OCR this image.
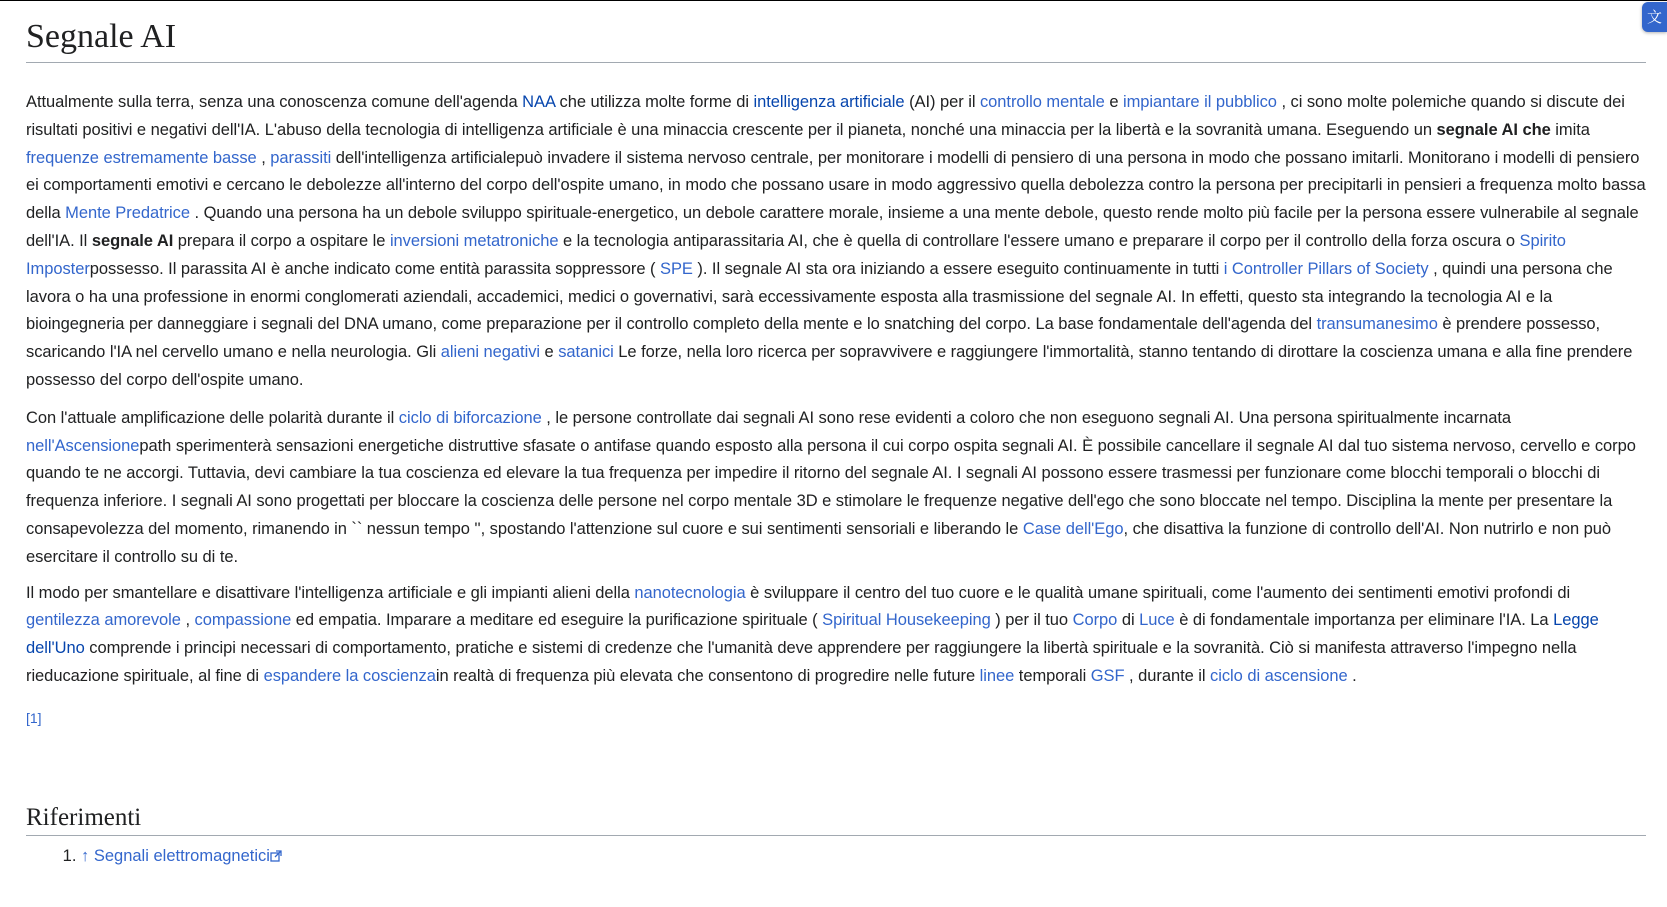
文A
Segnale AI

Attualmente sulla terra, senza una conoscenza comune dell'agenda NAA che utilizza molte forme di intelligenza artificiale (AI) per il controllo mentale e impiantare il pubblico , ci sono molte polemiche quando si discute dei risultati positivi e negativi dell'IA. L'abuso della tecnologia di intelligenza artificiale è una minaccia crescente per il pianeta, nonché una minaccia per la libertà e la sovranità umana. Eseguendo un segnale AI che imita frequenze estremamente basse , parassiti dell'intelligenza artificialepuò invadere il sistema nervoso centrale, per monitorare i modelli di pensiero di una persona in modo che possano imitarli. Monitorano i modelli di pensiero ei comportamenti emotivi e cercano le debolezze all'interno del corpo dell'ospite umano, in modo che possano usare in modo aggressivo quella debolezza contro la persona per precipitarli in pensieri a frequenza molto bassa della Mente Predatrice . Quando una persona ha un debole sviluppo spirituale-energetico, un debole carattere morale, insieme a una mente debole, questo rende molto più facile per la persona essere vulnerabile al segnale dell'IA. Il segnale AI prepara il corpo a ospitare le inversioni metatroniche e la tecnologia antiparassitaria AI, che è quella di controllare l'essere umano e preparare il corpo per il controllo della forza oscura o Spirito Imposterpossesso. Il parassita AI è anche indicato come entità parassita soppressore ( SPE ). Il segnale AI sta ora iniziando a essere eseguito continuamente in tutti i Controller Pillars of Society , quindi una persona che lavora o ha una professione in enormi conglomerati aziendali, accademici, medici o governativi, sarà eccessivamente esposta alla trasmissione del segnale AI. In effetti, questo sta integrando la tecnologia AI e la bioingegneria per danneggiare i segnali del DNA umano, come preparazione per il controllo completo della mente e lo snatching del corpo. La base fondamentale dell'agenda del transumanesimo è prendere possesso, scaricando l'IA nel cervello umano e nella neurologia. Gli alieni negativi e satanici Le forze, nella loro ricerca per sopravvivere e raggiungere l'immortalità, stanno tentando di dirottare la coscienza umana e alla fine prendere possesso del corpo dell'ospite umano.

Con l'attuale amplificazione delle polarità durante il ciclo di biforcazione , le persone controllate dai segnali AI sono rese evidenti a coloro che non eseguono segnali AI. Una persona spiritualmente incarnata nell'Ascensionepath sperimenterà sensazioni energetiche distruttive sfasate o antifase quando esposto alla persona il cui corpo ospita segnali AI. È possibile cancellare il segnale AI dal tuo sistema nervoso, cervello e corpo quando te ne accorgi. Tuttavia, devi cambiare la tua coscienza ed elevare la tua frequenza per impedire il ritorno del segnale AI. I segnali AI possono essere trasmessi per funzionare come blocchi temporali o blocchi di frequenza inferiore. I segnali AI sono progettati per bloccare la coscienza delle persone nel corpo mentale 3D e stimolare le frequenze negative dell'ego che sono bloccate nel tempo. Disciplina la mente per presentare la consapevolezza del momento, rimanendo in `` nessun tempo '', spostando l'attenzione sul cuore e sui sentimenti sensoriali e liberando le Case dell'Ego, che disattiva la funzione di controllo dell'AI. Non nutrirlo e non può esercitare il controllo su di te.

Il modo per smantellare e disattivare l'intelligenza artificiale e gli impianti alieni della nanotecnologia è sviluppare il centro del tuo cuore e le qualità umane spirituali, come l'aumento dei sentimenti emotivi profondi di gentilezza amorevole , compassione ed empatia. Imparare a meditare ed eseguire la purificazione spirituale ( Spiritual Housekeeping ) per il tuo Corpo di Luce è di fondamentale importanza per eliminare l'IA. La Legge dell'Uno comprende i principi necessari di comportamento, pratiche e sistemi di credenze che l'umanità deve apprendere per raggiungere la libertà spirituale e la sovranità. Ciò si manifesta attraverso l'impegno nella rieducazione spirituale, al fine di espandere la coscienzain realtà di frequenza più elevata che consentono di progredire nelle future linee temporali GSF , durante il ciclo di ascensione .

[1]

Riferimenti
1. ↑ Segnali elettromagnetici
